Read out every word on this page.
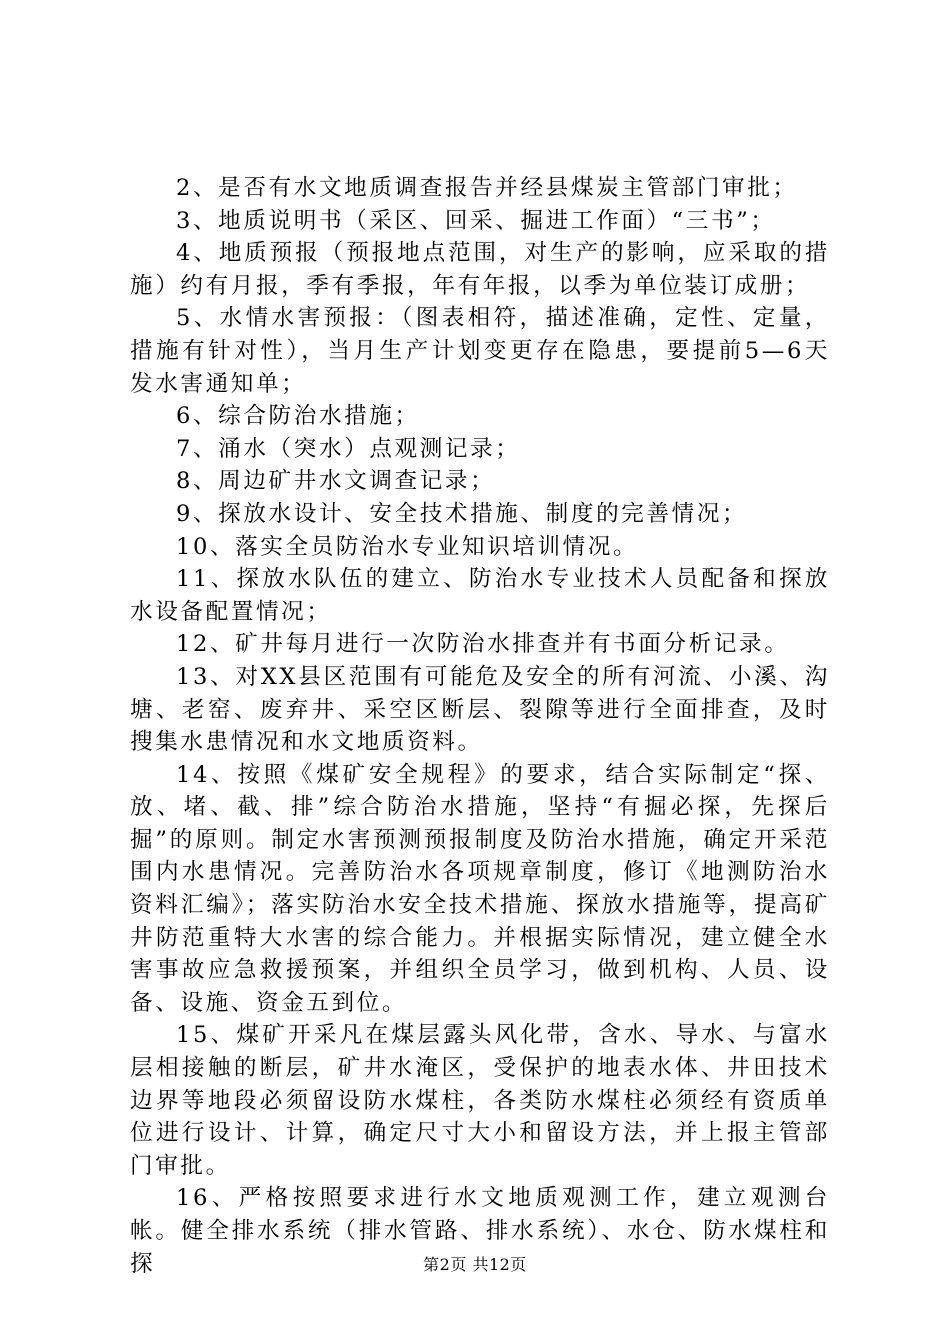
2、是否有水文地质调查报告并经县煤炭主管部门审批；

3、地质说明书（采区、回采、掘进工作面）“三书”；

4、地质预报（预报地点范围，对生产的影响，应采取的措施）约有月报，季有季报，年有年报，以季为单位装订成册；

5、水情水害预报：（图表相符，描述准确，定性、定量，措施有针对性），当月生产计划变更存在隐患，要提前5—6天发水害通知单；

6、综合防治水措施；

7、涌水（突水）点观测记录；

8、周边矿井水文调查记录；

9、探放水设计、安全技术措施、制度的完善情况；

10、落实全员防治水专业知识培训情况。

11、探放水队伍的建立、防治水专业技术人员配备和探放水设备配置情况；

12、矿井每月进行一次防治水排查并有书面分析记录。

13、对XX县区范围有可能危及安全的所有河流、小溪、沟塘、老窑、废弃井、采空区断层、裂隙等进行全面排查，及时搜集水患情况和水文地质资料。

14、按照《煤矿安全规程》的要求，结合实际制定“探、放、堵、截、排”综合防治水措施，坚持“有掘必探，先探后掘”的原则。制定水害预测预报制度及防治水措施，确定开采范围内水患情况。完善防治水各项规章制度，修订《地测防治水资料汇编》；落实防治水安全技术措施、探放水措施等，提高矿井防范重特大水害的综合能力。并根据实际情况，建立健全水害事故应急救援预案，并组织全员学习，做到机构、人员、设备、设施、资金五到位。

15、煤矿开采凡在煤层露头风化带，含水、导水、与富水层相接触的断层，矿井水淹区，受保护的地表水体、井田技术边界等地段必须留设防水煤柱，各类防水煤柱必须经有资质单位进行设计、计算，确定尺寸大小和留设方法，并上报主管部门审批。

16、严格按照要求进行水文地质观测工作，建立观测台帐。健全排水系统（排水管路、排水系统）、水仓、防水煤柱和探	第2页 共12页
